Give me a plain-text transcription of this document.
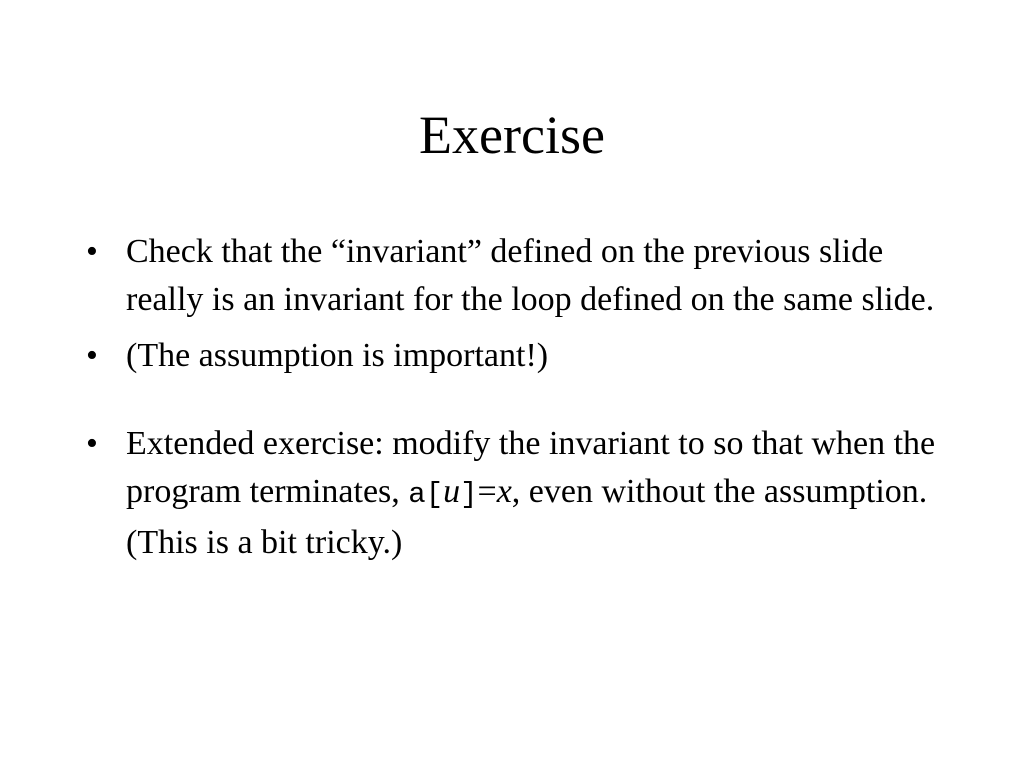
Exercise
• Check that the “invariant” defined on the previous slide really is an invariant for the loop defined on the same slide.
• (The assumption is important!)
• Extended exercise: modify the invariant to so that when the program terminates, a[u]=x, even without the assumption. (This is a bit tricky.)
